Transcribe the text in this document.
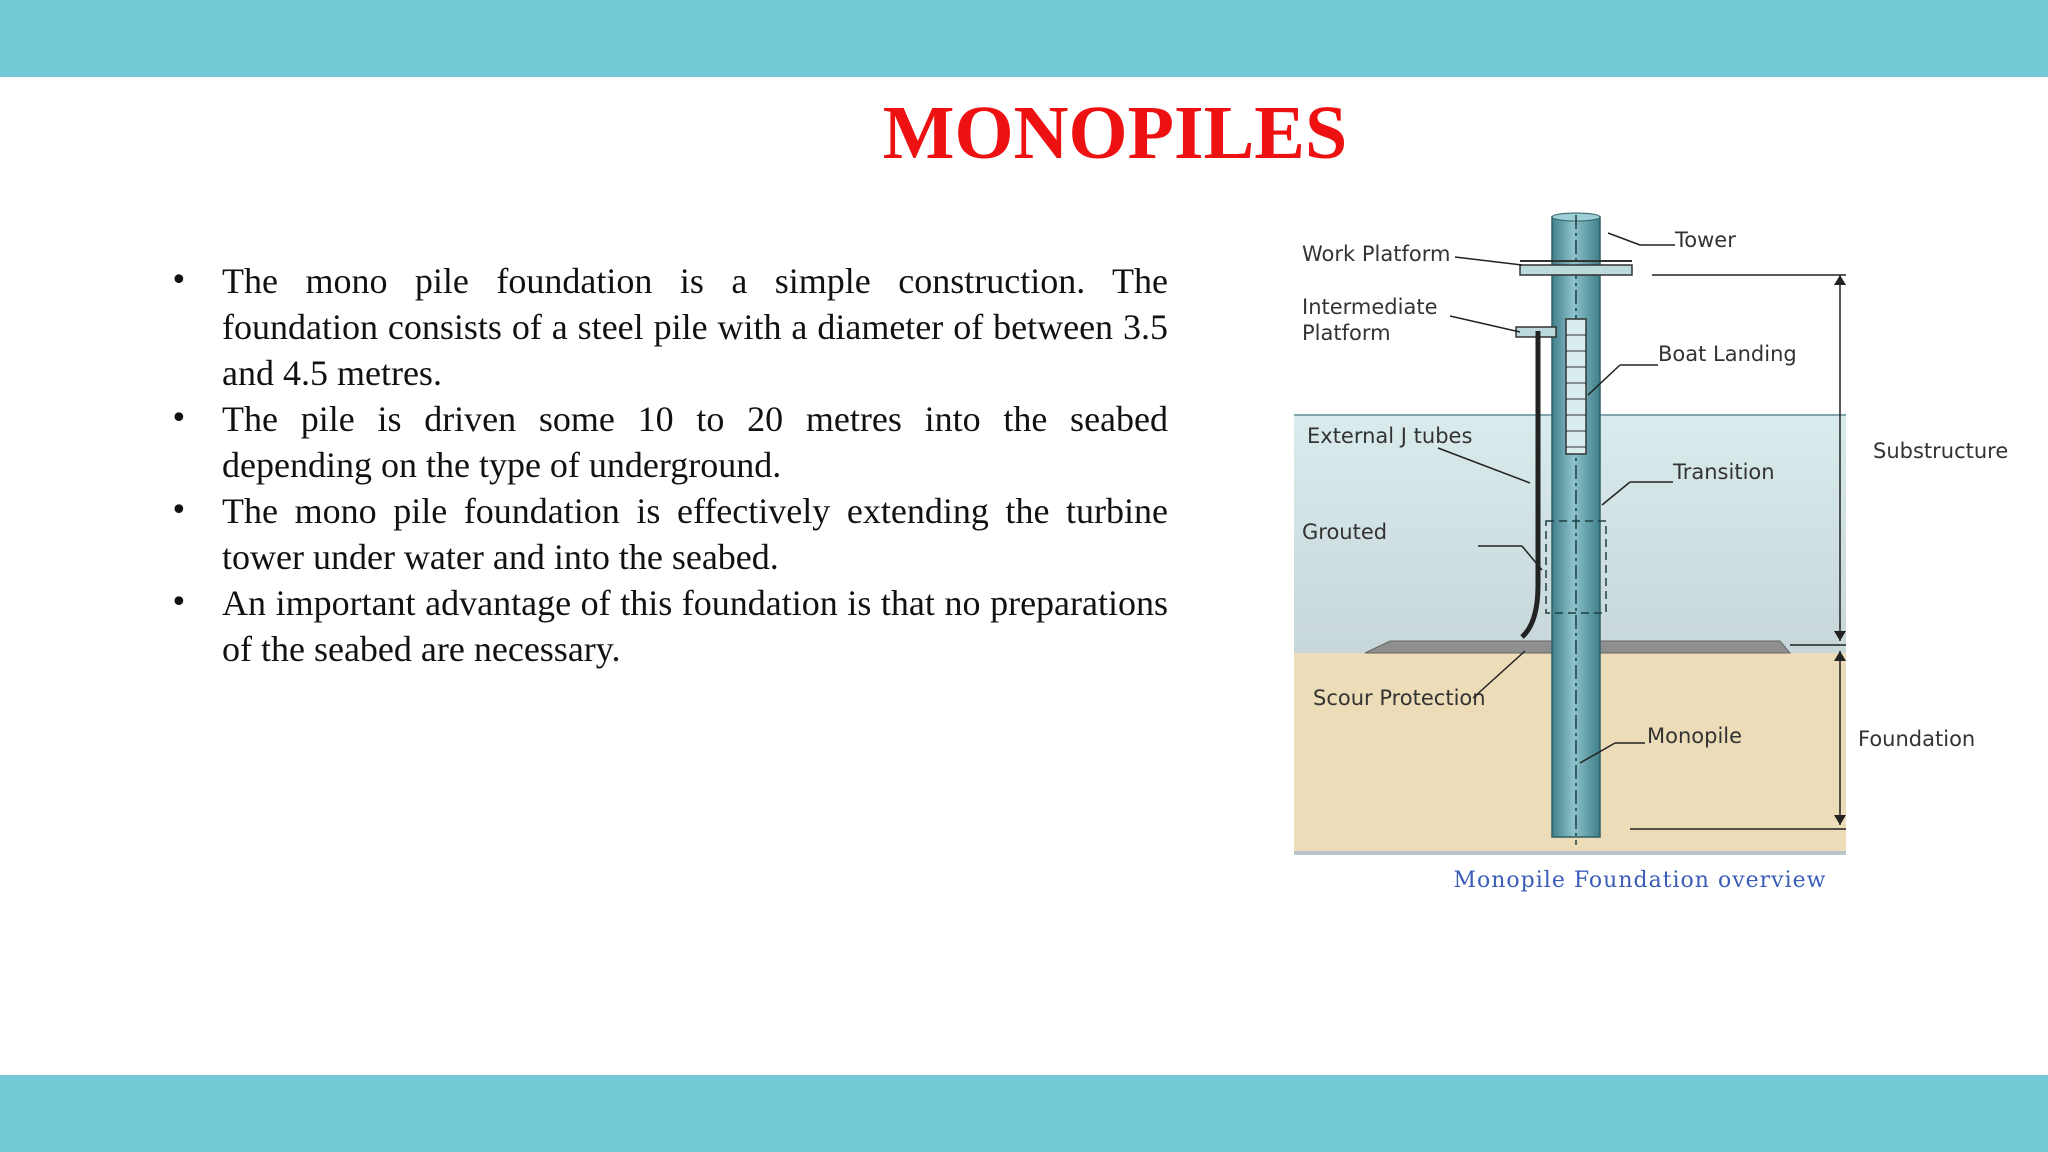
MONOPILES
• The mono pile foundation is a simple construction. The foundation consists of a steel pile with a diameter of between 3.5 and 4.5 metres.
• The pile is driven some 10 to 20 metres into the seabed depending on the type of underground.
• The mono pile foundation is effectively extending the turbine tower under water and into the seabed.
• An important advantage of this foundation is that no preparations of the seabed are necessary.
Work Platform
Intermediate
Platform
Tower
Boat Landing
External J tubes
Transition
Grouted
Scour Protection
Monopile
Substructure
Foundation
Monopile Foundation overview
